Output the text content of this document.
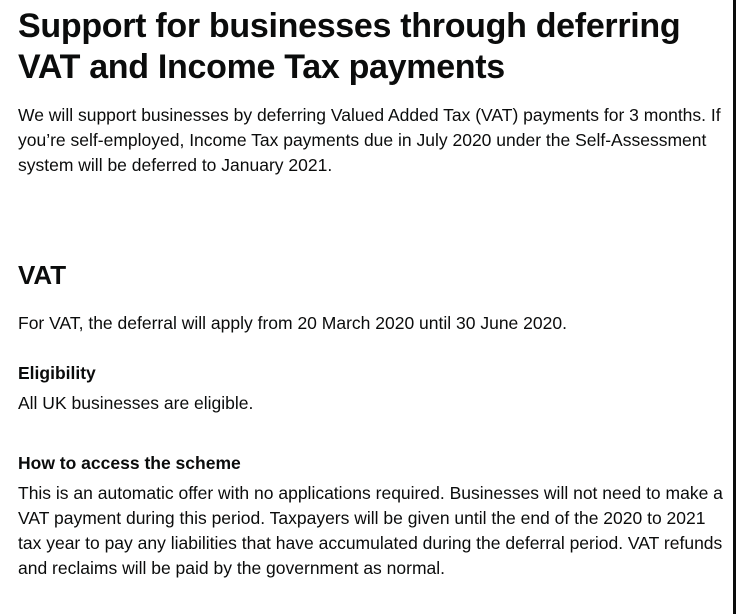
Support for businesses through deferring VAT and Income Tax payments

We will support businesses by deferring Valued Added Tax (VAT) payments for 3 months. If you’re self-employed, Income Tax payments due in July 2020 under the Self-Assessment system will be deferred to January 2021.

VAT

For VAT, the deferral will apply from 20 March 2020 until 30 June 2020.

Eligibility

All UK businesses are eligible.

How to access the scheme

This is an automatic offer with no applications required. Businesses will not need to make a VAT payment during this period. Taxpayers will be given until the end of the 2020 to 2021 tax year to pay any liabilities that have accumulated during the deferral period. VAT refunds and reclaims will be paid by the government as normal.
